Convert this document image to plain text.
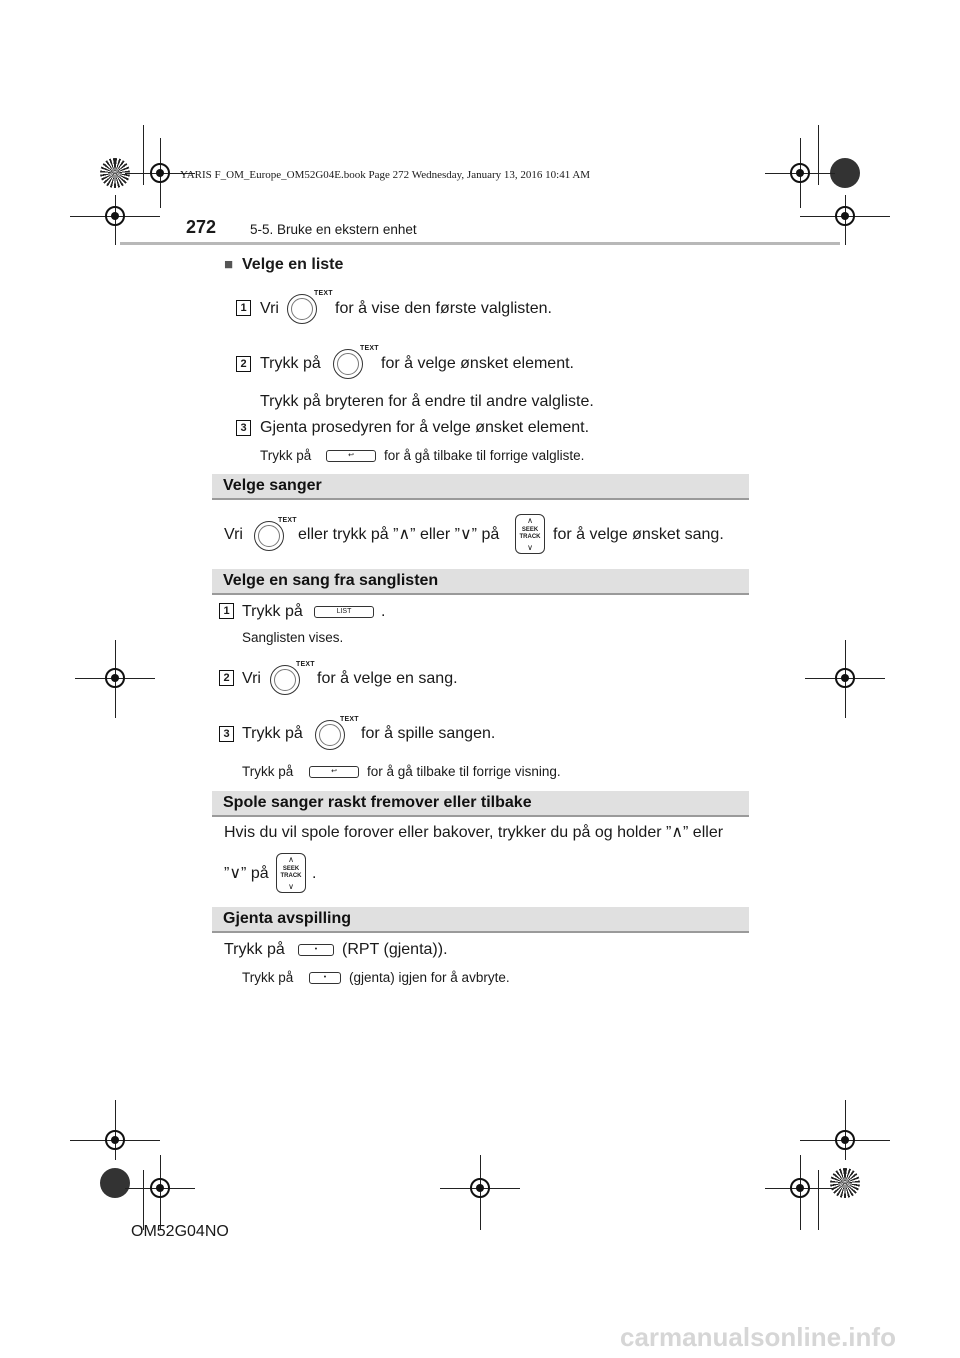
YARIS F_OM_Europe_OM52G04E.book Page 272 Wednesday, January 13, 2016 10:41 AM
272	5-5. Bruke en ekstern enhet
■ Velge en liste
1 Vri
TEXT
for å vise den første valglisten.
2 Trykk på
TEXT
for å velge ønsket element.
Trykk på bryteren for å endre til andre valgliste.
3 Gjenta prosedyren for å velge ønsket element.
Trykk på	↩	for å gå tilbake til forrige valgliste.
Velge sanger
Vri
TEXT
eller trykk på ”∧” eller ”∨” på
∧
SEEK
TRACK
∨
for å velge ønsket sang.
Velge en sang fra sanglisten
1 Trykk på	LIST	.
Sanglisten vises.
2 Vri
TEXT
for å velge en sang.
3 Trykk på
TEXT
for å spille sangen.
Trykk på	↩	for å gå tilbake til forrige visning.
Spole sanger raskt fremover eller tilbake
Hvis du vil spole forover eller bakover, trykker du på og holder ”∧” eller
”∨” på
∧
SEEK
TRACK
∨
.
Gjenta avspilling
Trykk på	•	(RPT (gjenta)).
Trykk på	•	(gjenta) igjen for å avbryte.
OM52G04NO
carmanualsonline.info
